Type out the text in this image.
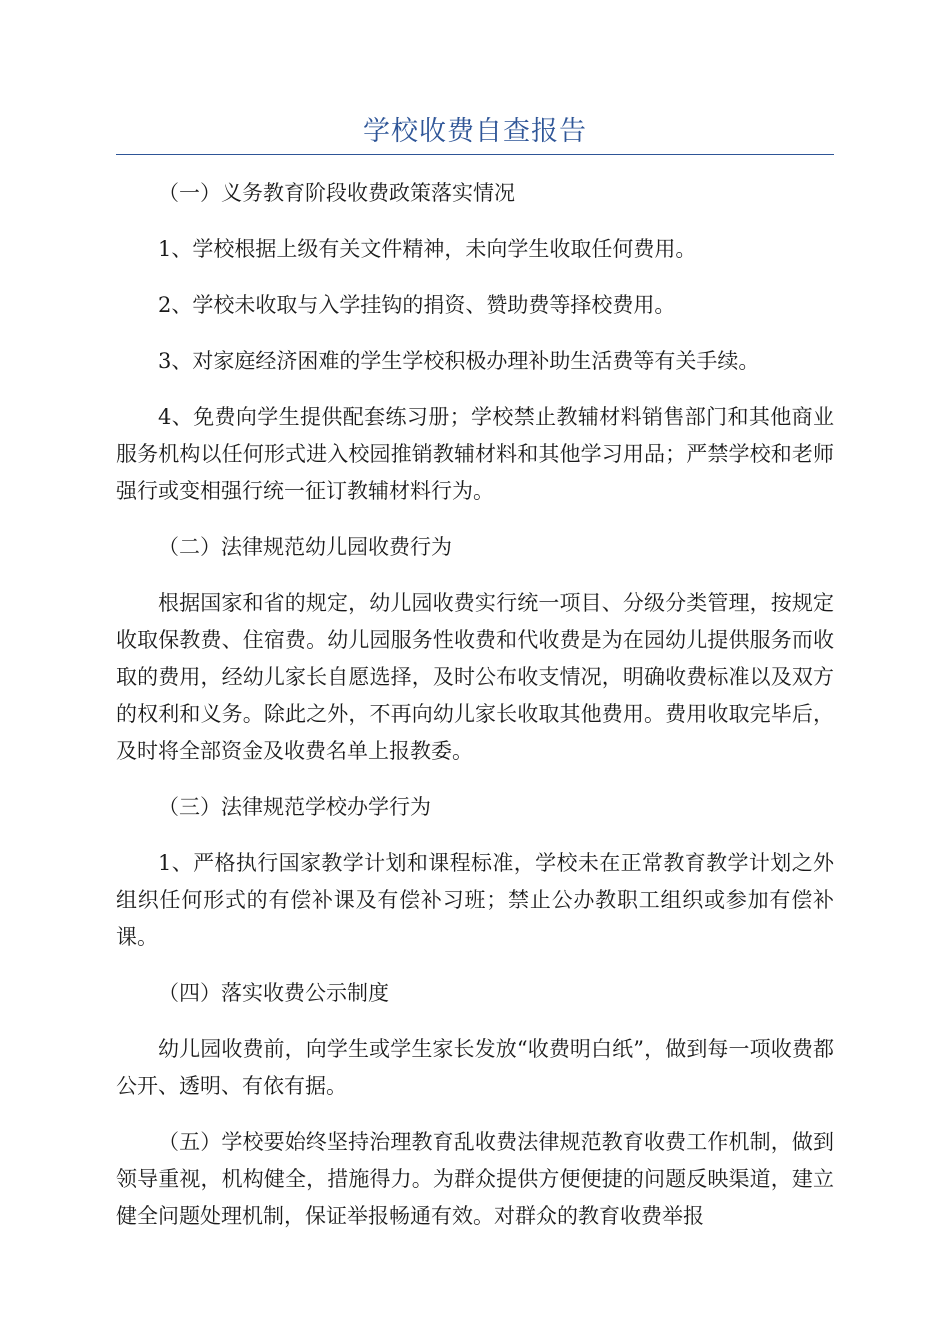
学校收费自查报告

（一）义务教育阶段收费政策落实情况

1、学校根据上级有关文件精神，未向学生收取任何费用。

2、学校未收取与入学挂钩的捐资、赞助费等择校费用。

3、对家庭经济困难的学生学校积极办理补助生活费等有关手续。

4、免费向学生提供配套练习册；学校禁止教辅材料销售部门和其他商业服务机构以任何形式进入校园推销教辅材料和其他学习用品；严禁学校和老师强行或变相强行统一征订教辅材料行为。

（二）法律规范幼儿园收费行为

根据国家和省的规定，幼儿园收费实行统一项目、分级分类管理，按规定收取保教费、住宿费。幼儿园服务性收费和代收费是为在园幼儿提供服务而收取的费用，经幼儿家长自愿选择，及时公布收支情况，明确收费标准以及双方的权利和义务。除此之外，不再向幼儿家长收取其他费用。费用收取完毕后，及时将全部资金及收费名单上报教委。

（三）法律规范学校办学行为

1、严格执行国家教学计划和课程标准，学校未在正常教育教学计划之外组织任何形式的有偿补课及有偿补习班；禁止公办教职工组织或参加有偿补课。

（四）落实收费公示制度

幼儿园收费前，向学生或学生家长发放“收费明白纸”，做到每一项收费都公开、透明、有依有据。

（五）学校要始终坚持治理教育乱收费法律规范教育收费工作机制，做到领导重视，机构健全，措施得力。为群众提供方便便捷的问题反映渠道，建立健全问题处理机制，保证举报畅通有效。对群众的教育收费举报
